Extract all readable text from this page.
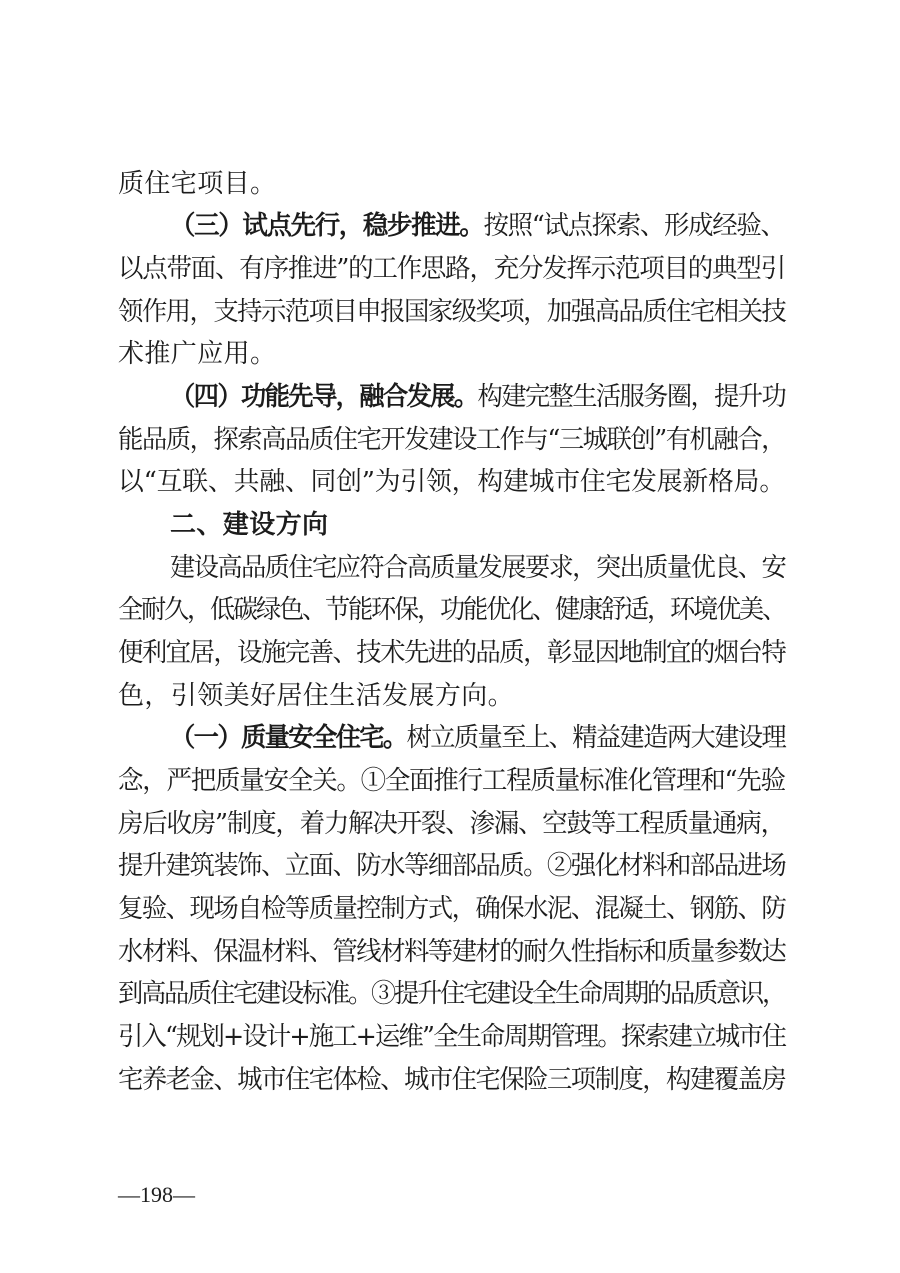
质住宅项目。
（三）试点先行，稳步推进。按照“试点探索、形成经验、
以点带面、有序推进”的工作思路，充分发挥示范项目的典型引
领作用，支持示范项目申报国家级奖项，加强高品质住宅相关技
术推广应用。
（四）功能先导，融合发展。构建完整生活服务圈，提升功
能品质，探索高品质住宅开发建设工作与“三城联创”有机融合，
以“互联、共融、同创”为引领，构建城市住宅发展新格局。
二、建设方向
建设高品质住宅应符合高质量发展要求，突出质量优良、安
全耐久，低碳绿色、节能环保，功能优化、健康舒适，环境优美、
便利宜居，设施完善、技术先进的品质，彰显因地制宜的烟台特
色，引领美好居住生活发展方向。
（一）质量安全住宅。树立质量至上、精益建造两大建设理
念，严把质量安全关。①全面推行工程质量标准化管理和“先验
房后收房”制度，着力解决开裂、渗漏、空鼓等工程质量通病，
提升建筑装饰、立面、防水等细部品质。②强化材料和部品进场
复验、现场自检等质量控制方式，确保水泥、混凝土、钢筋、防
水材料、保温材料、管线材料等建材的耐久性指标和质量参数达
到高品质住宅建设标准。③提升住宅建设全生命周期的品质意识，
引入“规划+设计+施工+运维”全生命周期管理。探索建立城市住
宅养老金、城市住宅体检、城市住宅保险三项制度，构建覆盖房
—198—
